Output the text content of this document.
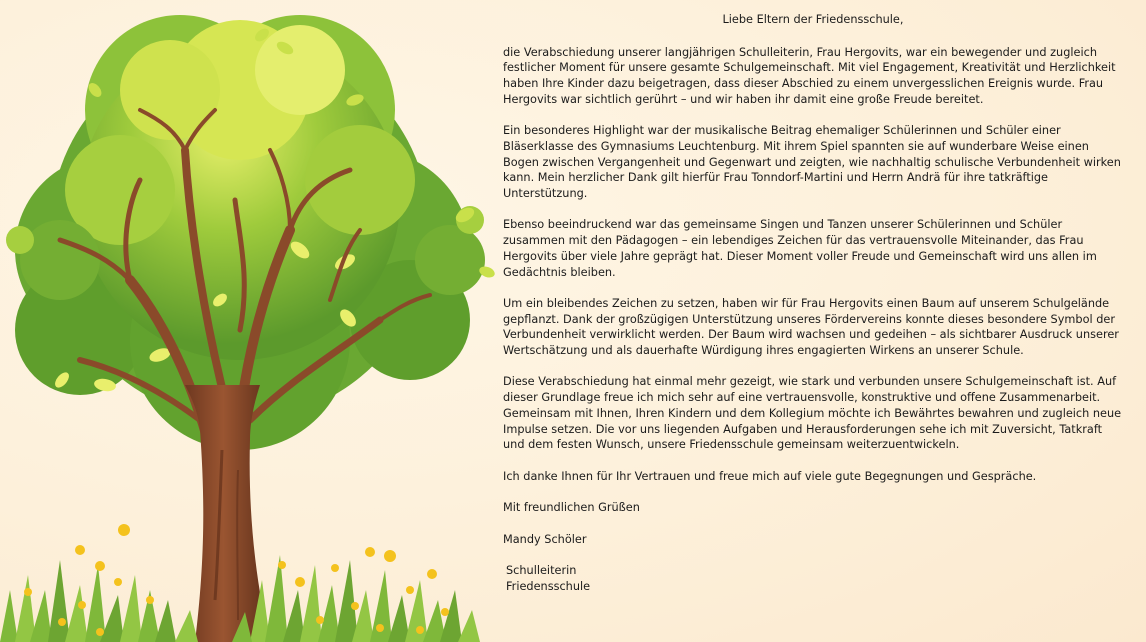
Liebe Eltern der Friedensschule,

die Verabschiedung unserer langjährigen Schulleiterin, Frau Hergovits, war ein bewegender und zugleich festlicher Moment für unsere gesamte Schulgemeinschaft. Mit viel Engagement, Kreativität und Herzlichkeit haben Ihre Kinder dazu beigetragen, dass dieser Abschied zu einem unvergesslichen Ereignis wurde. Frau Hergovits war sichtlich gerührt – und wir haben ihr damit eine große Freude bereitet.

Ein besonderes Highlight war der musikalische Beitrag ehemaliger Schülerinnen und Schüler einer Bläserklasse des Gymnasiums Leuchtenburg. Mit ihrem Spiel spannten sie auf wunderbare Weise einen Bogen zwischen Vergangenheit und Gegenwart und zeigten, wie nachhaltig schulische Verbundenheit wirken kann. Mein herzlicher Dank gilt hierfür Frau Tonndorf-Martini und Herrn Andrä für ihre tatkräftige Unterstützung.

Ebenso beeindruckend war das gemeinsame Singen und Tanzen unserer Schülerinnen und Schüler zusammen mit den Pädagogen – ein lebendiges Zeichen für das vertrauensvolle Miteinander, das Frau Hergovits über viele Jahre geprägt hat. Dieser Moment voller Freude und Gemeinschaft wird uns allen im Gedächtnis bleiben.

Um ein bleibendes Zeichen zu setzen, haben wir für Frau Hergovits einen Baum auf unserem Schulgelände gepflanzt. Dank der großzügigen Unterstützung unseres Fördervereins konnte dieses besondere Symbol der Verbundenheit verwirklicht werden. Der Baum wird wachsen und gedeihen – als sichtbarer Ausdruck unserer Wertschätzung und als dauerhafte Würdigung ihres engagierten Wirkens an unserer Schule.

Diese Verabschiedung hat einmal mehr gezeigt, wie stark und verbunden unsere Schulgemeinschaft ist. Auf dieser Grundlage freue ich mich sehr auf eine vertrauensvolle, konstruktive und offene Zusammenarbeit. Gemeinsam mit Ihnen, Ihren Kindern und dem Kollegium möchte ich Bewährtes bewahren und zugleich neue Impulse setzen. Die vor uns liegenden Aufgaben und Herausforderungen sehe ich mit Zuversicht, Tatkraft und dem festen Wunsch, unsere Friedensschule gemeinsam weiterzuentwickeln.

Ich danke Ihnen für Ihr Vertrauen und freue mich auf viele gute Begegnungen und Gespräche.

Mit freundlichen Grüßen

Mandy Schöler

Schulleiterin
Friedensschule
